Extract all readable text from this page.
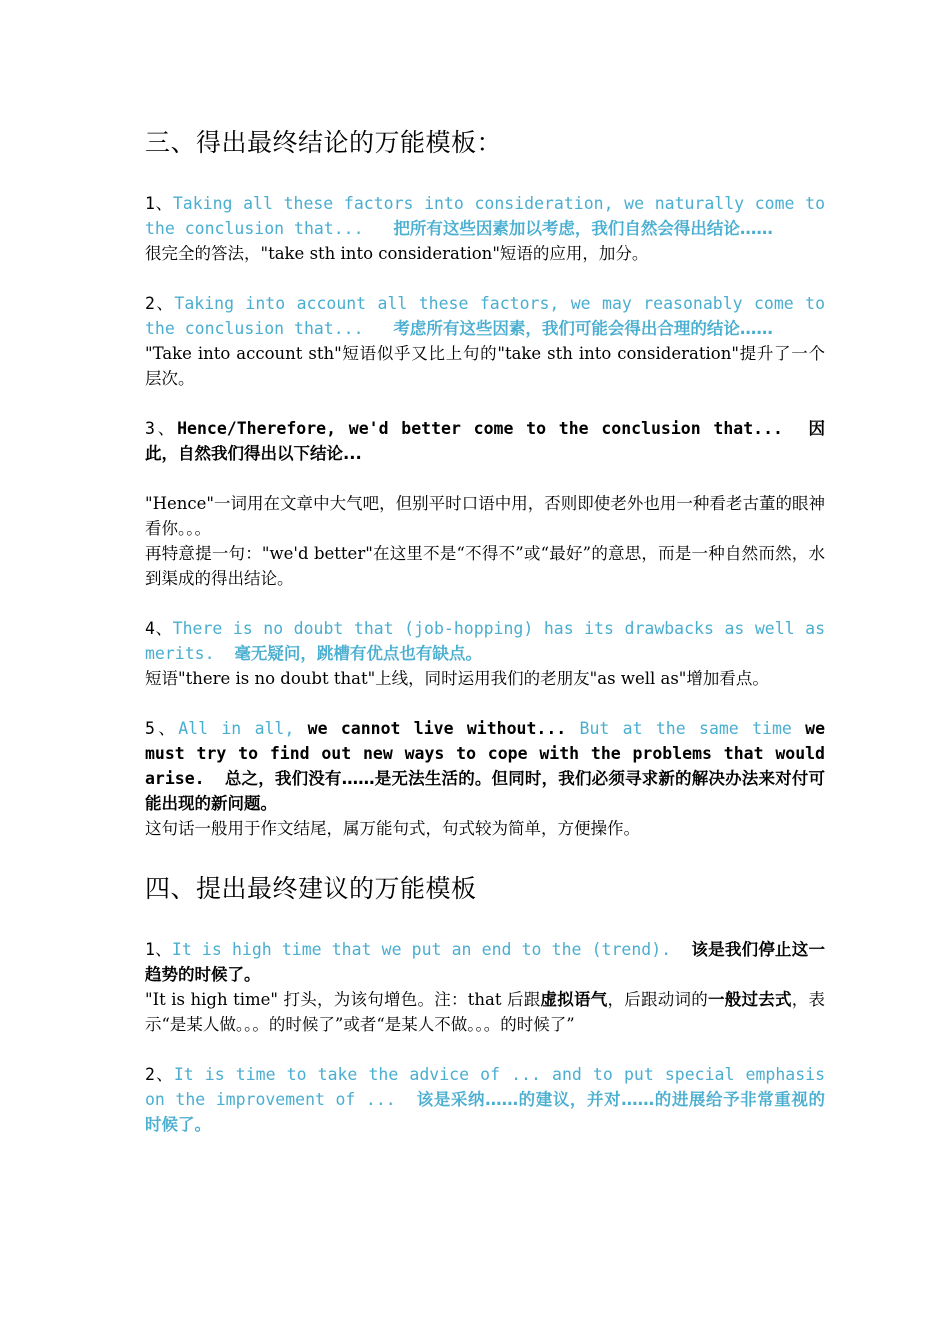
三、得出最终结论的万能模板：
1、Taking all these factors into consideration, we naturally come to the conclusion that... 把所有这些因素加以考虑，我们自然会得出结论……
很完全的答法，"take sth into consideration"短语的应用，加分。
2、Taking into account all these factors, we may reasonably come to the conclusion that... 考虑所有这些因素，我们可能会得出合理的结论……
"Take into account sth"短语似乎又比上句的"take sth into consideration"提升了一个层次。
3、Hence/Therefore, we'd better come to the conclusion that... 因此，自然我们得出以下结论...
"Hence"一词用在文章中大气吧，但别平时口语中用，否则即使老外也用一种看老古董的眼神看你。。。
再特意提一句："we'd better"在这里不是“不得不”或“最好”的意思，而是一种自然而然，水到渠成的得出结论。
4、There is no doubt that (job-hopping) has its drawbacks as well as merits. 毫无疑问，跳槽有优点也有缺点。
短语"there is no doubt that"上线，同时运用我们的老朋友"as well as"增加看点。
5、All in all, we cannot live without... But at the same time we must try to find out new ways to cope with the problems that would arise. 总之，我们没有……是无法生活的。但同时，我们必须寻求新的解决办法来对付可能出现的新问题。
这句话一般用于作文结尾，属万能句式，句式较为简单，方便操作。
四、提出最终建议的万能模板
1、It is high time that we put an end to the (trend). 该是我们停止这一趋势的时候了。
"It is high time" 打头，为该句增色。注：that 后跟虚拟语气，后跟动词的一般过去式，表示“是某人做。。。的时候了”或者“是某人不做。。。的时候了”
2、It is time to take the advice of ... and to put special emphasis on the improvement of ... 该是采纳……的建议，并对……的进展给予非常重视的时候了。
